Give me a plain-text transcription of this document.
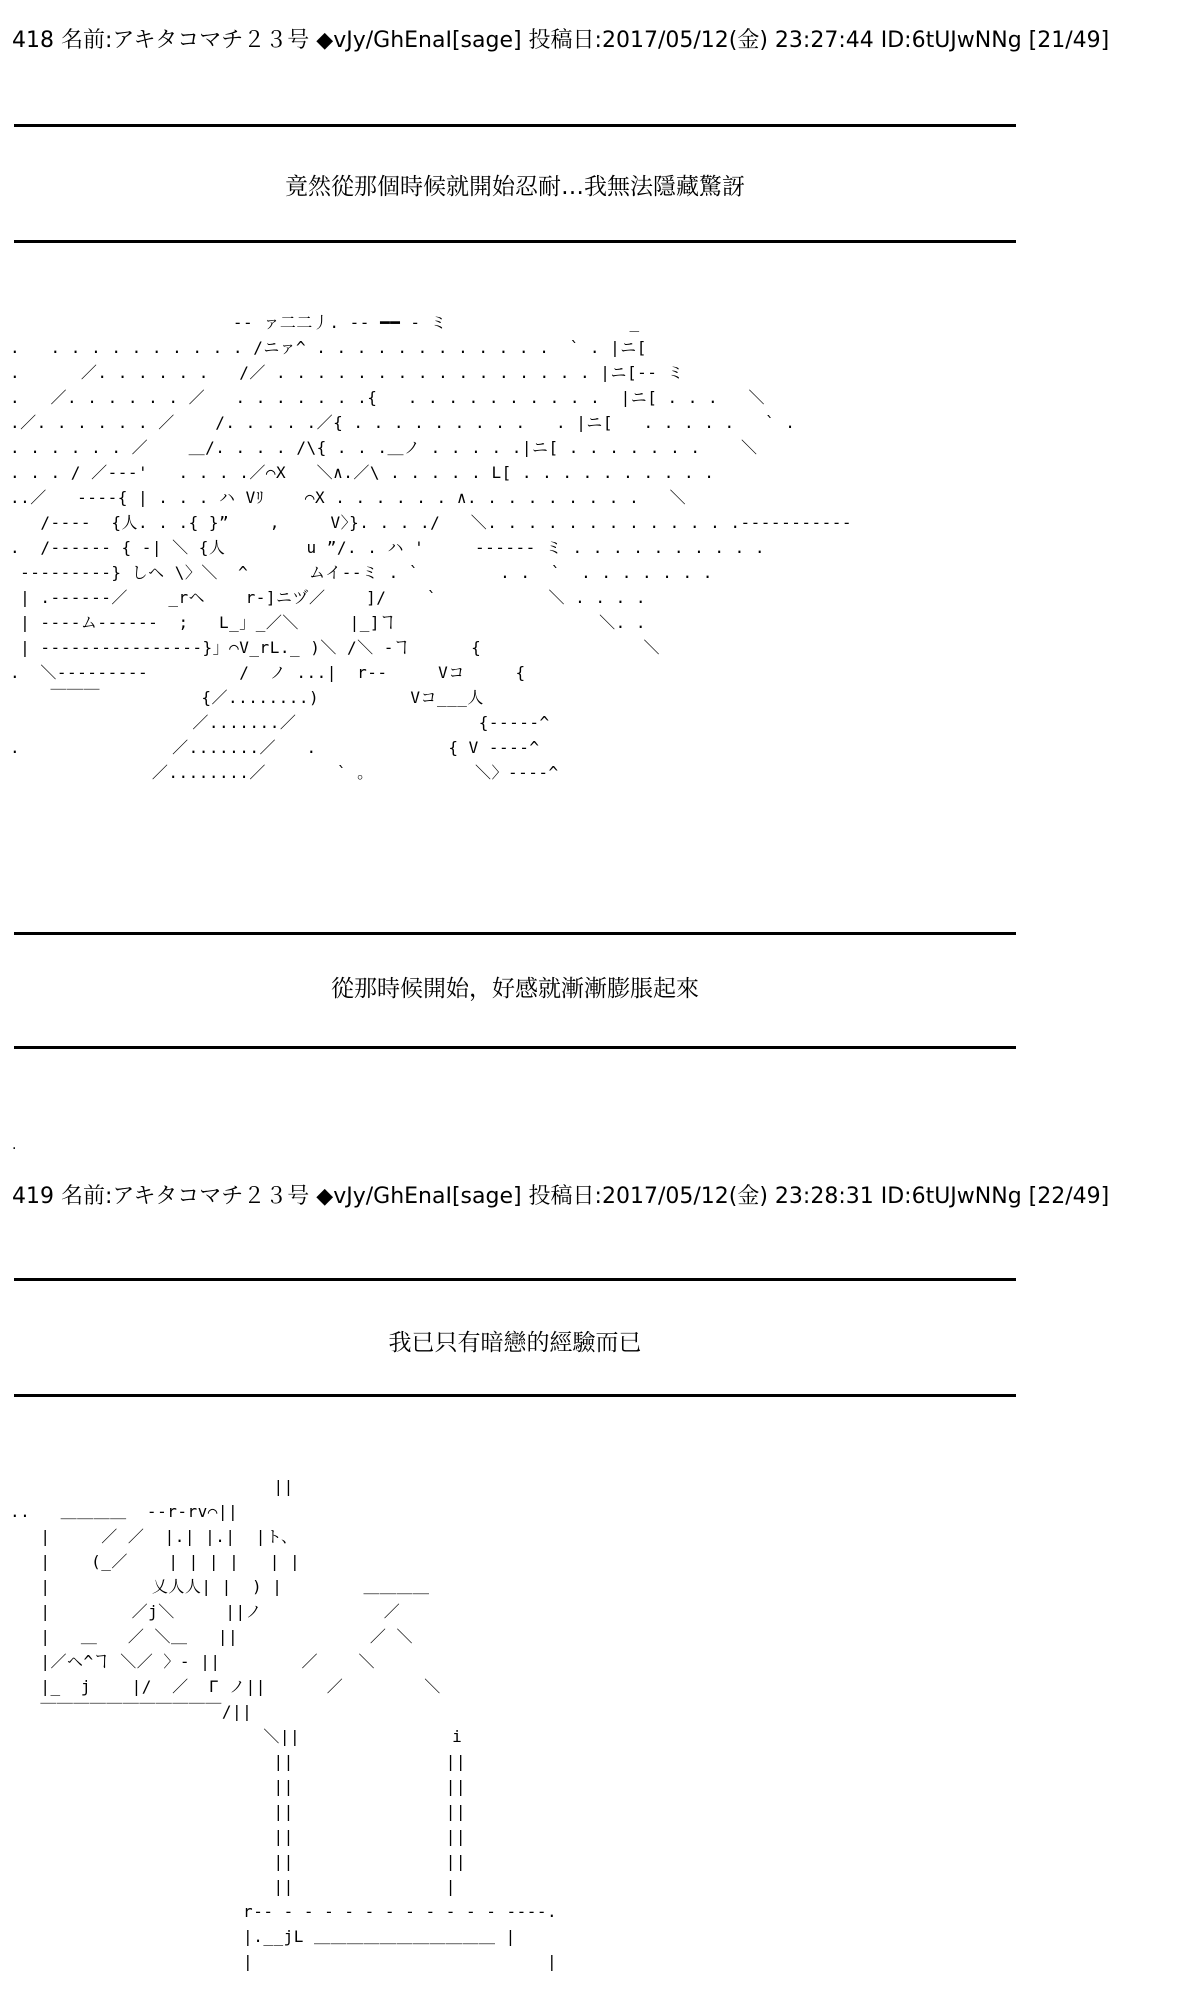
418 名前:アキタコマチ２３号 ◆vJy/GhEnaI[sage] 投稿日:2017/05/12(金) 23:27:44 ID:6tUJwNNg [21/49]
竟然從那個時候就開始忍耐…我無法隱藏驚訝
-- ァ二二丿. -- ━━ - ミ                  _
.   . . . . . . . . . . /ニァ^ . . . . . . . . . . . .  ` . |ニ[
.      ／. . . . . .   /／ . . . . . . . . . . . . . . . . |ニ[-- ミ
.   ／. . . . . . ／   . . . . . . .{   . . . . . . . . . .  |ニ[ . . .   ＼
.／. . . . . . ／    /. . . . .／{ . . . . . . . . .   . |ニ[   . . . . .   ` .
. . . . . . ／    ＿/. . . . /\{ . . .＿ノ . . . . .|ニ[ . . . . . . .    ＼
. . . / ／---'   . . . .／⌒X   ＼∧.／\ . . . . . L[ . . . . . . . . . .
..／   ----{ | . . . ハ Vﾘ    ⌒X . . . . . . ∧. . . . . . . . .   ＼
/----  {人. . .{ }”    ,     V〉}. . . ./   ＼. . . . . . . . . . . . .-----------
.  /------ { -| ＼ {人        u ”/. . ハ '     ------ ミ . . . . . . . . . .
---------} しヘ \〉＼  ^      ムイ--ミ . `        . .  `  . . . . . . .
| .------／    _rヘ    r-]ニヅ／    ]/    `           ＼ . . . .
| ----ム------  ;   L_」_／＼     |_]ヿ                    ＼. .
| ----------------}」⌒V_rL._ )＼ /＼ -ヿ      {                ＼
.  ＼---------         /  ノ ...|  r--     Vコ     {
￣￣￣          {／........)         Vコ___人
／.......／                  {-----^
.               ／.......／   .             { V ----^
／........／       ` 。          ＼〉----^
從那時候開始，好感就漸漸膨脹起來
.
419 名前:アキタコマチ２３号 ◆vJy/GhEnaI[sage] 投稿日:2017/05/12(金) 23:28:31 ID:6tUJwNNg [22/49]
我已只有暗戀的經驗而已
||
..   ＿＿＿＿  --r-rv⌒||
|     ／ ／  |.| |.|  |ト、
|    (_／    | | | |   | |
|          乂人人| |  ) |        ＿＿＿＿
|        ／j＼     ||ノ            ／
|   ＿   ／ ＼＿   ||             ／ ＼
|／ヘ^ヿ ＼／ 〉- ||        ／    ＼
|_  j    |/  ／  Γ ノ||      ／        ＼
￣￣￣￣￣￣￣￣￣￣￣/||
＼||               i
||               ||
||               ||
||               ||
||               ||
||               ||
||               |
r-- - - - - - - - - - - - ----.
|.__jL ＿＿＿＿＿＿＿＿＿＿＿ |
|                             |
